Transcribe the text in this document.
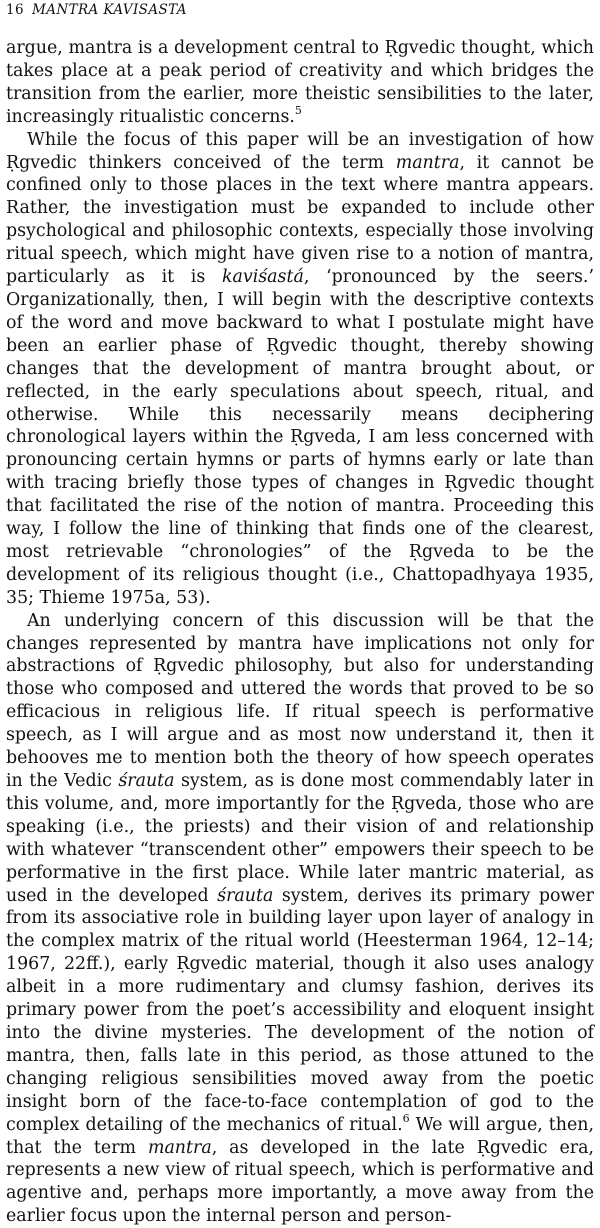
16 MANTRA KAVISASTA

argue, mantra is a development central to Ṛgvedic thought, which takes place at a peak period of creativity and which bridges the transition from the earlier, more theistic sensibilities to the later, increasingly ritualistic concerns.$^5$

While the focus of this paper will be an investigation of how Ṛgvedic thinkers conceived of the term mantra, it cannot be confined only to those places in the text where mantra appears. Rather, the investigation must be expanded to include other psychological and philosophic contexts, especially those involving ritual speech, which might have given rise to a notion of mantra, particularly as it is kaviśastá, ‘pronounced by the seers.’ Organizationally, then, I will begin with the descriptive contexts of the word and move backward to what I postulate might have been an earlier phase of Ṛgvedic thought, thereby showing changes that the development of mantra brought about, or reflected, in the early speculations about speech, ritual, and otherwise. While this necessarily means deciphering chronological layers within the Ṛgveda, I am less concerned with pronouncing certain hymns or parts of hymns early or late than with tracing briefly those types of changes in Ṛgvedic thought that facilitated the rise of the notion of mantra. Proceeding this way, I follow the line of thinking that finds one of the clearest, most retrievable “chronologies” of the Ṛgveda to be the development of its religious thought (i.e., Chattopadhyaya 1935, 35; Thieme 1975a, 53).

An underlying concern of this discussion will be that the changes represented by mantra have implications not only for abstractions of Ṛgvedic philosophy, but also for understanding those who composed and uttered the words that proved to be so efficacious in religious life. If ritual speech is performative speech, as I will argue and as most now understand it, then it behooves me to mention both the theory of how speech operates in the Vedic śrauta system, as is done most commendably later in this volume, and, more importantly for the Ṛgveda, those who are speaking (i.e., the priests) and their vision of and relationship with whatever “transcendent other” empowers their speech to be performative in the first place. While later mantric material, as used in the developed śrauta system, derives its primary power from its associative role in building layer upon layer of analogy in the complex matrix of the ritual world (Heesterman 1964, 12–14; 1967, 22ff.), early Ṛgvedic material, though it also uses analogy albeit in a more rudimentary and clumsy fashion, derives its primary power from the poet’s accessibility and eloquent insight into the divine mysteries. The development of the notion of mantra, then, falls late in this period, as those attuned to the changing religious sensibilities moved away from the poetic insight born of the face-to-face contemplation of god to the complex detailing of the mechanics of ritual.$^6$ We will argue, then, that the term mantra, as developed in the late Ṛgvedic era, represents a new view of ritual speech, which is performative and agentive and, perhaps more importantly, a move away from the earlier focus upon the internal person and person-
